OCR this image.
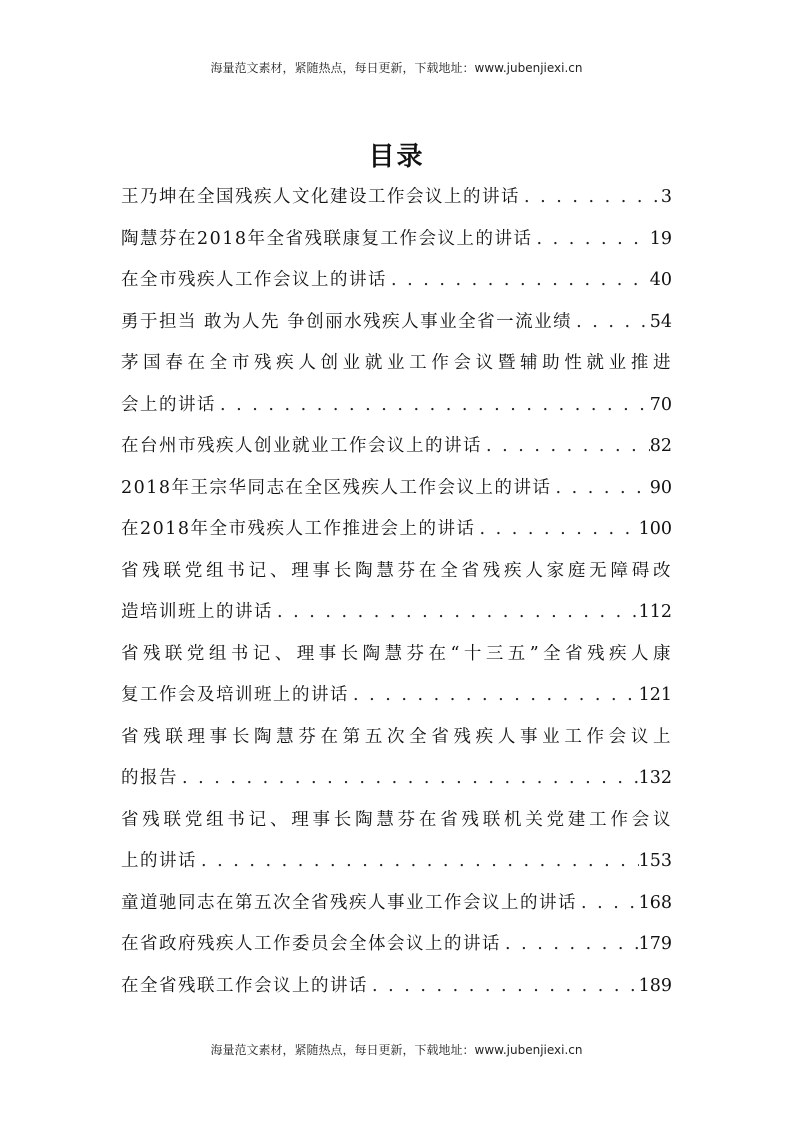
海量范文素材，紧随热点，每日更新，下载地址：www.jubenjiexi.cn
目录
王乃坤在全国残疾人文化建设工作会议上的讲话 . . .	3
陶慧芬在2018年全省残联康复工作会议上的讲话 . . .	19
在全市残疾人工作会议上的讲话 . . .	40
勇于担当 敢为人先 争创丽水残疾人事业全省一流业绩 . . .	54
茅国春在全市残疾人创业就业工作会议暨辅助性就业推进
会上的讲话 . . .	70
在台州市残疾人创业就业工作会议上的讲话 . . .	82
2018年王宗华同志在全区残疾人工作会议上的讲话 . . .	90
在2018年全市残疾人工作推进会上的讲话 . . .	100
省残联党组书记、理事长陶慧芬在全省残疾人家庭无障碍改
造培训班上的讲话 . . .	112
省残联党组书记、理事长陶慧芬在“十三五”全省残疾人康
复工作会及培训班上的讲话 . . .	121
省残联理事长陶慧芬在第五次全省残疾人事业工作会议上
的报告 . . .	132
省残联党组书记、理事长陶慧芬在省残联机关党建工作会议
上的讲话 . . .	153
童道驰同志在第五次全省残疾人事业工作会议上的讲话 . . .	168
在省政府残疾人工作委员会全体会议上的讲话 . . .	179
在全省残联工作会议上的讲话 . . .	189
海量范文素材，紧随热点，每日更新，下载地址：www.jubenjiexi.cn
